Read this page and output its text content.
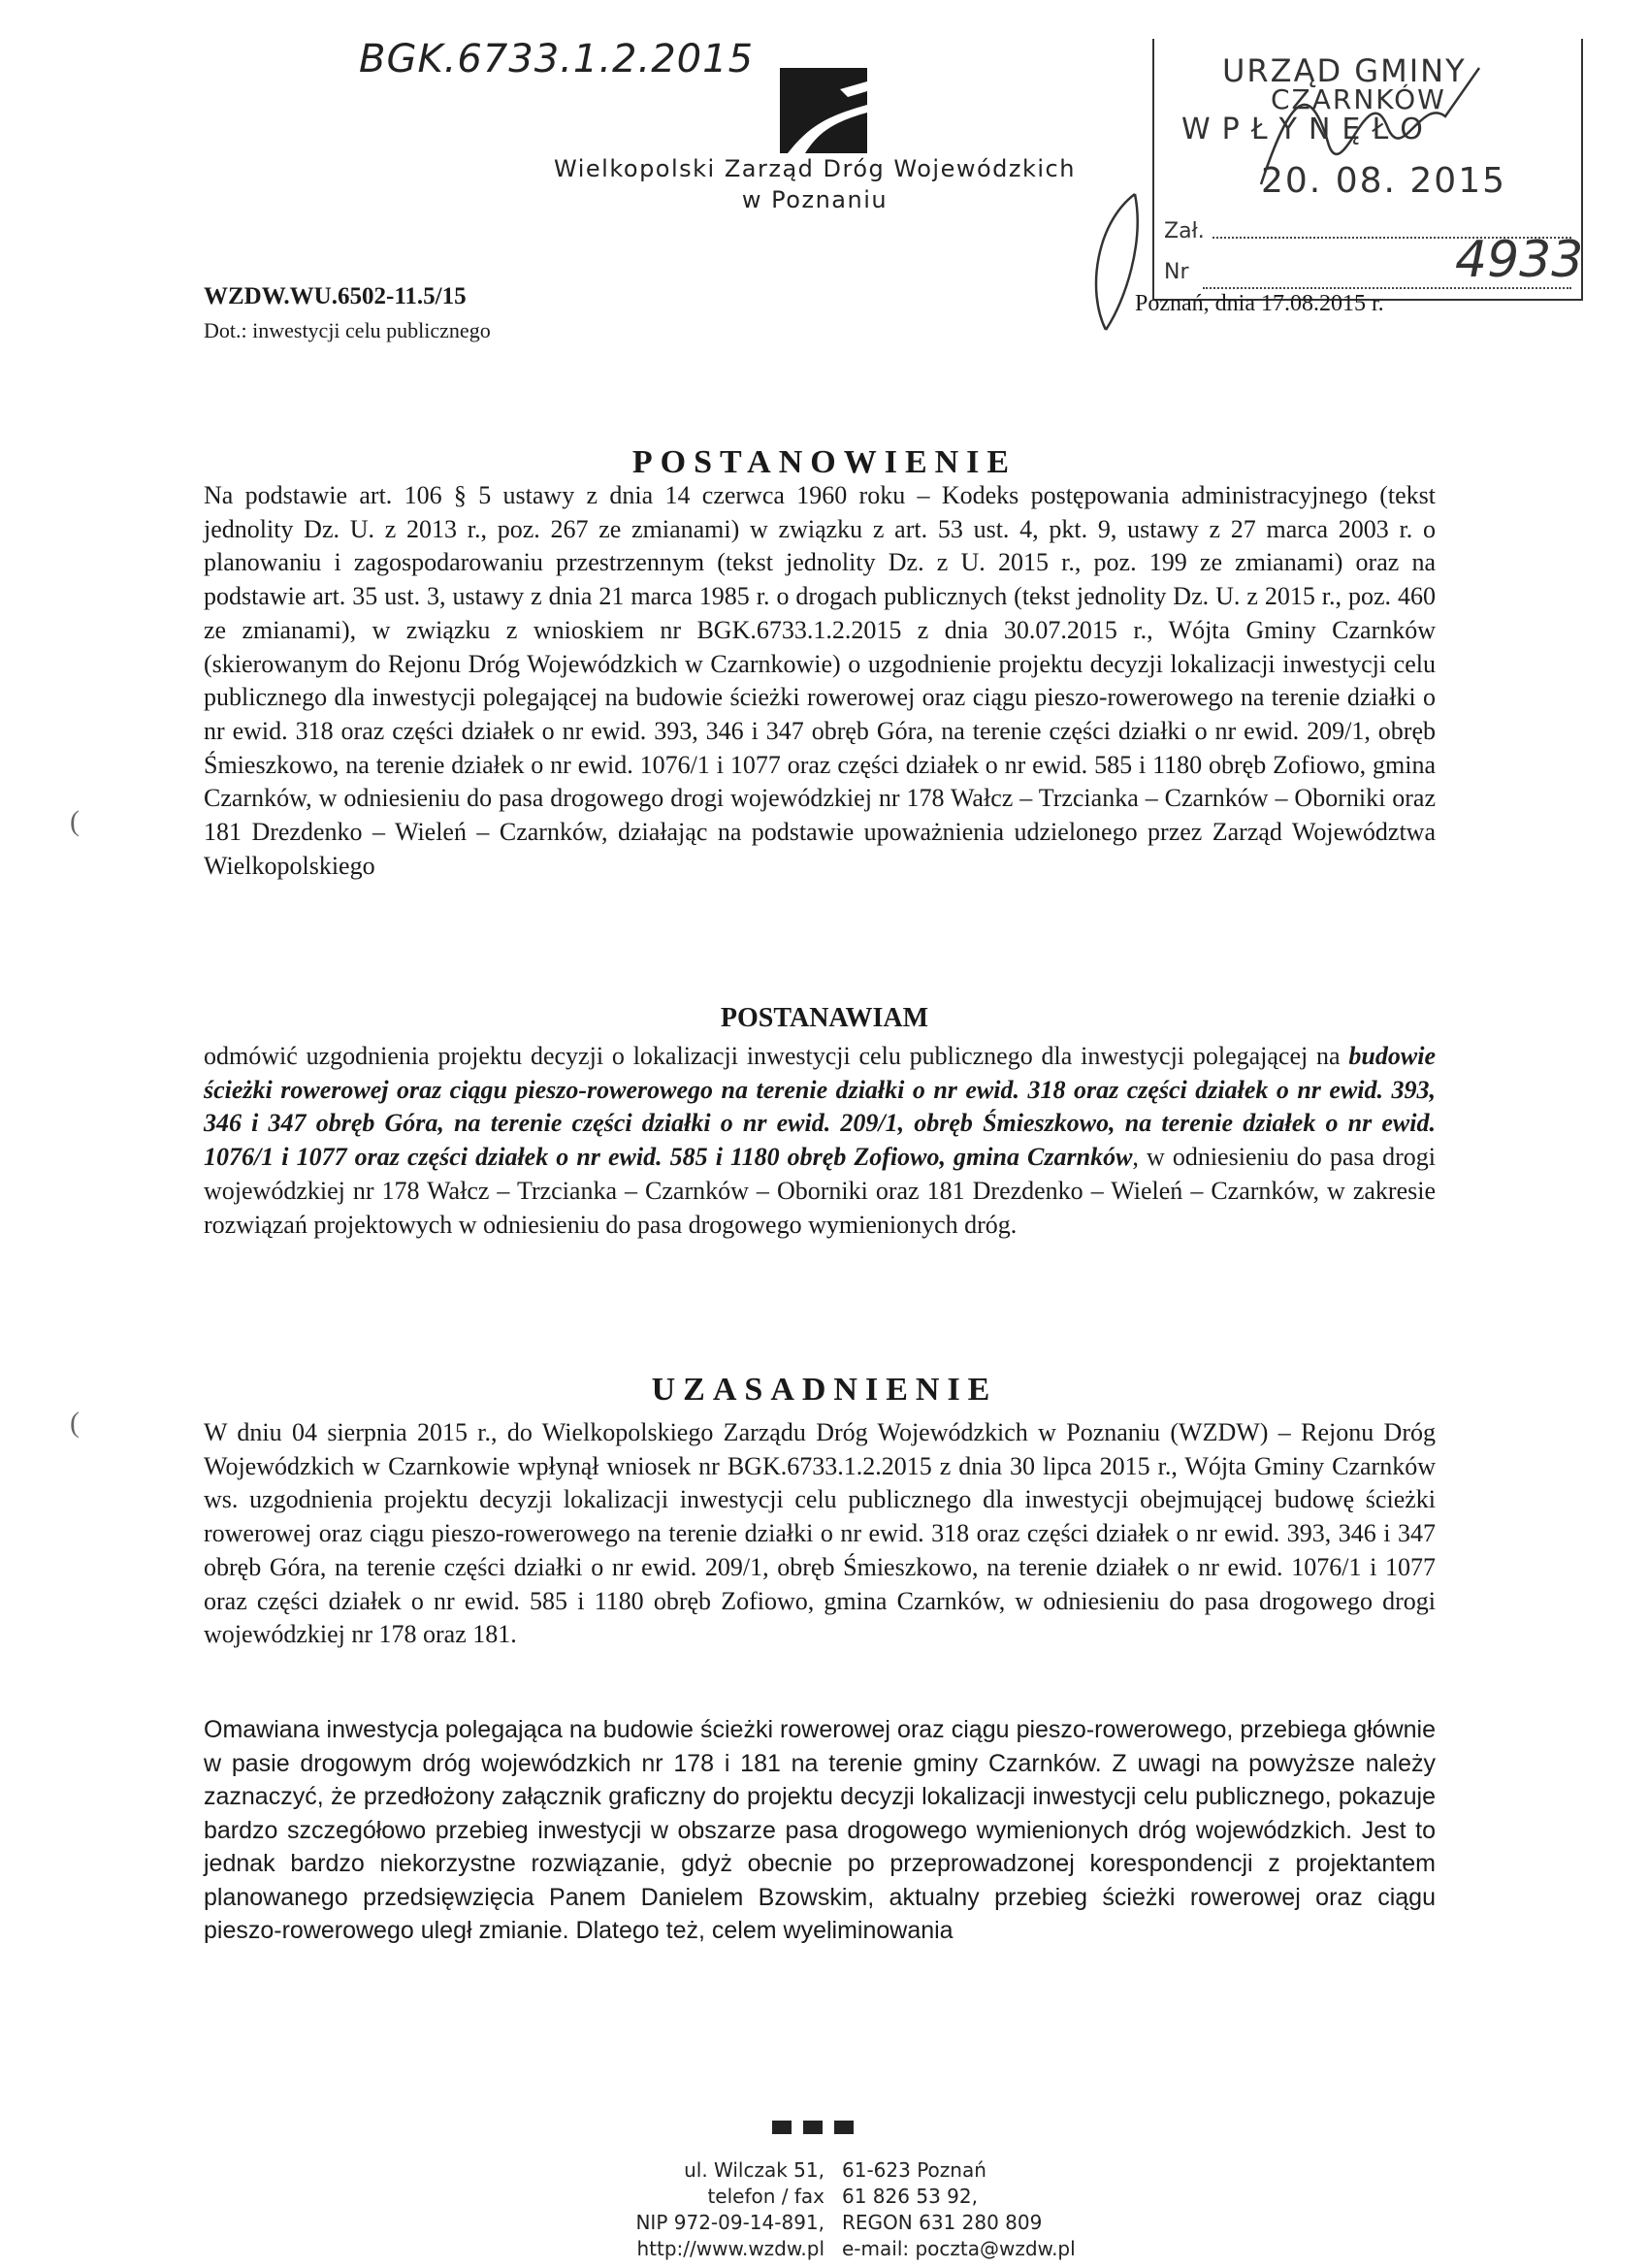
BGK.6733.1.2.2015
Wielkopolski Zarząd Dróg Wojewódzkich
w Poznaniu
WZDW.WU.6502-11.5/15
Dot.: inwestycji celu publicznego
URZĄD GMINY
CZARNKÓW
WPŁYNĘŁO
20. 08. 2015
Zał.
Nr	4933
Poznań, dnia 17.08.2015 r.
POSTANOWIENIE
Na podstawie art. 106 § 5 ustawy z dnia 14 czerwca 1960 roku – Kodeks postępowania administracyjnego (tekst jednolity Dz. U. z 2013 r., poz. 267 ze zmianami) w związku z art. 53 ust. 4, pkt. 9, ustawy z 27 marca 2003 r. o planowaniu i zagospodarowaniu przestrzennym (tekst jednolity Dz. z U. 2015 r., poz. 199 ze zmianami) oraz na podstawie art. 35 ust. 3, ustawy z dnia 21 marca 1985 r. o drogach publicznych (tekst jednolity Dz. U. z 2015 r., poz. 460 ze zmianami), w związku z wnioskiem nr BGK.6733.1.2.2015 z dnia 30.07.2015 r., Wójta Gminy Czarnków (skierowanym do Rejonu Dróg Wojewódzkich w Czarnkowie) o uzgodnienie projektu decyzji lokalizacji inwestycji celu publicznego dla inwestycji polegającej na budowie ścieżki rowerowej oraz ciągu pieszo-rowerowego na terenie działki o nr ewid. 318 oraz części działek o nr ewid. 393, 346 i 347 obręb Góra, na terenie części działki o nr ewid. 209/1, obręb Śmieszkowo, na terenie działek o nr ewid. 1076/1 i 1077 oraz części działek o nr ewid. 585 i 1180 obręb Zofiowo, gmina Czarnków, w odniesieniu do pasa drogowego drogi wojewódzkiej nr 178 Wałcz – Trzcianka – Czarnków – Oborniki oraz 181 Drezdenko – Wieleń – Czarnków, działając na podstawie upoważnienia udzielonego przez Zarząd Województwa Wielkopolskiego
(
POSTANAWIAM
odmówić uzgodnienia projektu decyzji o lokalizacji inwestycji celu publicznego dla inwestycji polegającej na budowie ścieżki rowerowej oraz ciągu pieszo-rowerowego na terenie działki o nr ewid. 318 oraz części działek o nr ewid. 393, 346 i 347 obręb Góra, na terenie części działki o nr ewid. 209/1, obręb Śmieszkowo, na terenie działek o nr ewid. 1076/1 i 1077 oraz części działek o nr ewid. 585 i 1180 obręb Zofiowo, gmina Czarnków, w odniesieniu do pasa drogi wojewódzkiej nr 178 Wałcz – Trzcianka – Czarnków – Oborniki oraz 181 Drezdenko – Wieleń – Czarnków, w zakresie rozwiązań projektowych w odniesieniu do pasa drogowego wymienionych dróg.
UZASADNIENIE
(	W dniu 04 sierpnia 2015 r., do Wielkopolskiego Zarządu Dróg Wojewódzkich w Poznaniu (WZDW) – Rejonu Dróg Wojewódzkich w Czarnkowie wpłynął wniosek nr BGK.6733.1.2.2015 z dnia 30 lipca 2015 r., Wójta Gminy Czarnków ws. uzgodnienia projektu decyzji lokalizacji inwestycji celu publicznego dla inwestycji obejmującej budowę ścieżki rowerowej oraz ciągu pieszo-rowerowego na terenie działki o nr ewid. 318 oraz części działek o nr ewid. 393, 346 i 347 obręb Góra, na terenie części działki o nr ewid. 209/1, obręb Śmieszkowo, na terenie działek o nr ewid. 1076/1 i 1077 oraz części działek o nr ewid. 585 i 1180 obręb Zofiowo, gmina Czarnków, w odniesieniu do pasa drogowego drogi wojewódzkiej nr 178 oraz 181.
Omawiana inwestycja polegająca na budowie ścieżki rowerowej oraz ciągu pieszo-rowerowego, przebiega głównie w pasie drogowym dróg wojewódzkich nr 178 i 181 na terenie gminy Czarnków. Z uwagi na powyższe należy zaznaczyć, że przedłożony załącznik graficzny do projektu decyzji lokalizacji inwestycji celu publicznego, pokazuje bardzo szczegółowo przebieg inwestycji w obszarze pasa drogowego wymienionych dróg wojewódzkich. Jest to jednak bardzo niekorzystne rozwiązanie, gdyż obecnie po przeprowadzonej korespondencji z projektantem planowanego przedsięwzięcia Panem Danielem Bzowskim, aktualny przebieg ścieżki rowerowej oraz ciągu pieszo-rowerowego uległ zmianie. Dlatego też, celem wyeliminowania
ul. Wilczak 51, 61-623 Poznań
telefon / fax 61 826 53 92,
NIP 972-09-14-891, REGON 631 280 809
http://www.wzdw.pl e-mail: poczta@wzdw.pl
